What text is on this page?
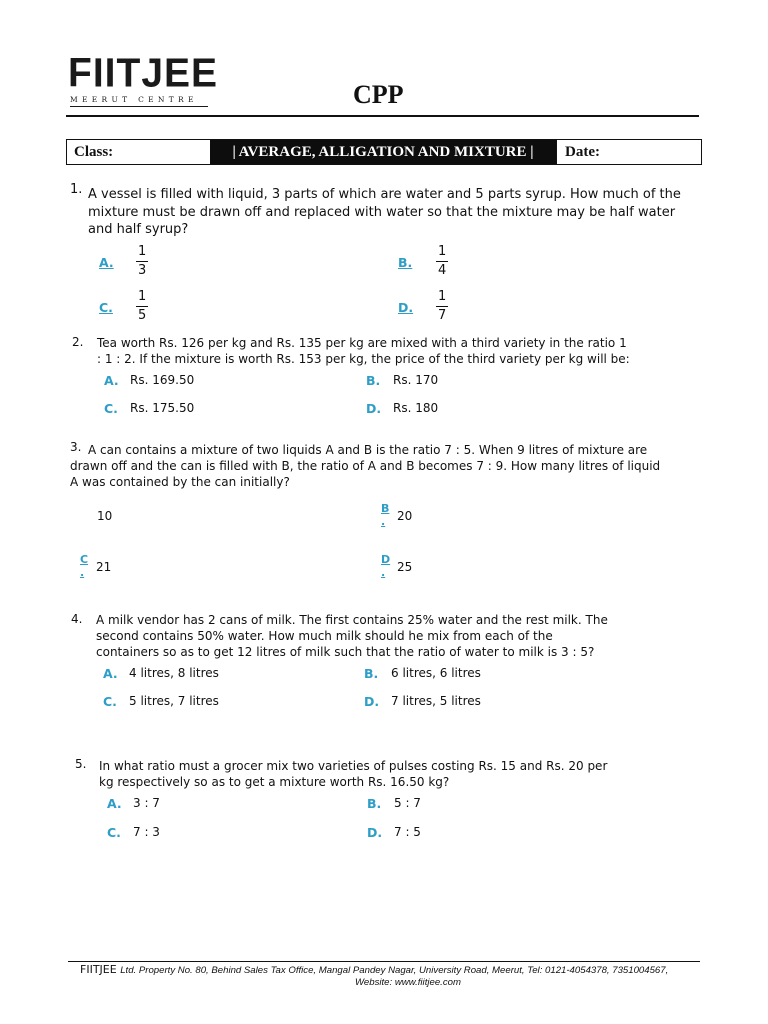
FIITJEE
MEERUT CENTRE	CPP
Class:	| AVERAGE, ALLIGATION AND MIXTURE |	Date:
1. A vessel is filled with liquid, 3 parts of which are water and 5 parts syrup. How much of the mixture must be drawn off and replaced with water so that the mixture may be half water and half syrup?
A.
1
3
B.
1
4
C.
1
5
D.
1
7
2. Tea worth Rs. 126 per kg and Rs. 135 per kg are mixed with a third variety in the ratio 1 : 1 : 2. If the mixture is worth Rs. 153 per kg, the price of the third variety per kg will be:
A. Rs. 169.50	B. Rs. 170
C. Rs. 175.50	D. Rs. 180
3. A can contains a mixture of two liquids A and B is the ratio 7 : 5. When 9 litres of mixture are drawn off and the can is filled with B, the ratio of A and B becomes 7 : 9. How many litres of liquid A was contained by the can initially?
10
B
. 20
C
. 21
D
. 25
4. A milk vendor has 2 cans of milk. The first contains 25% water and the rest milk. The second contains 50% water. How much milk should he mix from each of the containers so as to get 12 litres of milk such that the ratio of water to milk is 3 : 5?
A. 4 litres, 8 litres	B. 6 litres, 6 litres
C. 5 litres, 7 litres	D. 7 litres, 5 litres
5. In what ratio must a grocer mix two varieties of pulses costing Rs. 15 and Rs. 20 per kg respectively so as to get a mixture worth Rs. 16.50 kg?
A. 3 : 7	B. 5 : 7
C. 7 : 3	D. 7 : 5
FIITJEE Ltd. Property No. 80, Behind Sales Tax Office, Mangal Pandey Nagar, University Road, Meerut, Tel: 0121-4054378, 7351004567,
Website: www.fiitjee.com
